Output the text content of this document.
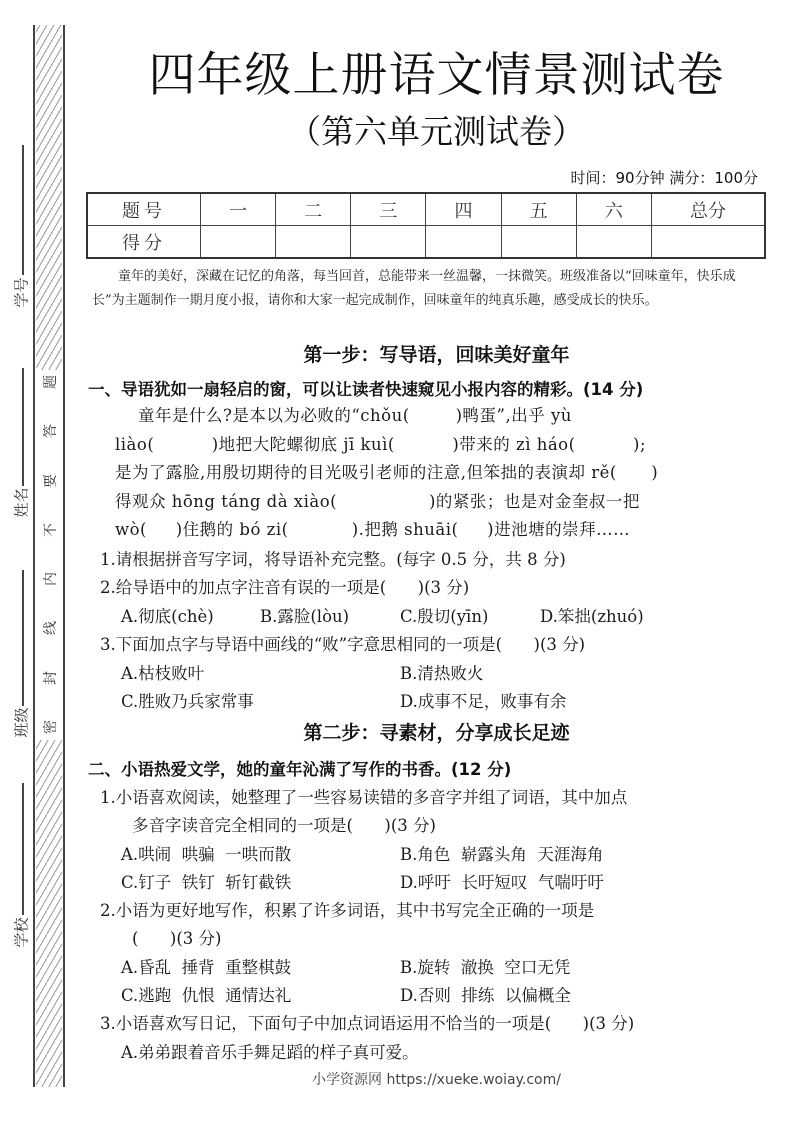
题
答
要
不
内
线
封
密
学号
姓名
班级
学校
四年级上册语文情景测试卷
（第六单元测试卷）
时间：90分钟 满分：100分
题号	一	二	三	四	五	六	总分
得分							
童年的美好，深藏在记忆的角落，每当回首，总能带来一丝温馨，一抹微笑。班级准备以“回味童年，快乐成长”为主题制作一期月度小报，请你和大家一起完成制作，回味童年的纯真乐趣，感受成长的快乐。
第一步：写导语，回味美好童年
一、导语犹如一扇轻启的窗，可以让读者快速窥见小报内容的精彩。(14 分)
童年是什么?是本以为必败的“chǒu(        )鸭蛋”,出乎 yù
liào(          )地把大陀螺彻底 jī kuì(          )带来的 zì háo(          );
是为了露脸,用殷切期待的目光吸引老师的注意,但笨拙的表演却 rě(      )
得观众 hōng táng dà xiào(                )的紧张；也是对金奎叔一把
wò(     )住鹅的 bó zi(           ).把鹅 shuāi(     )进池塘的崇拜……
1.请根据拼音写字词，将导语补充完整。(每字 0.5 分，共 8 分)
2.给导语中的加点字注音有误的一项是(      )(3 分)
A.彻底(chè)	B.露脸(lòu)	C.殷切(yīn)	D.笨拙(zhuó)
3.下面加点字与导语中画线的“败”字意思相同的一项是(      )(3 分)
A.枯枝败叶	B.清热败火
C.胜败乃兵家常事	D.成事不足，败事有余
第二步：寻素材，分享成长足迹
二、小语热爱文学，她的童年沁满了写作的书香。(12 分)
1.小语喜欢阅读，她整理了一些容易读错的多音字并组了词语，其中加点
多音字读音完全相同的一项是(      )(3 分)
A.哄闹  哄骗  一哄而散	B.角色  崭露头角  天涯海角
C.钉子  铁钉  斩钉截铁	D.呼吁  长吁短叹  气喘吁吁
2.小语为更好地写作，积累了许多词语，其中书写完全正确的一项是
(      )(3 分)
A.昏乱  捶背  重整棋鼓	B.旋转  澈换  空口无凭
C.逃跑  仇恨  通情达礼	D.否则  排练  以偏概全
3.小语喜欢写日记，下面句子中加点词语运用不恰当的一项是(      )(3 分)
A.弟弟跟着音乐手舞足蹈的样子真可爱。
小学资源网 https://xueke.woiay.com/
